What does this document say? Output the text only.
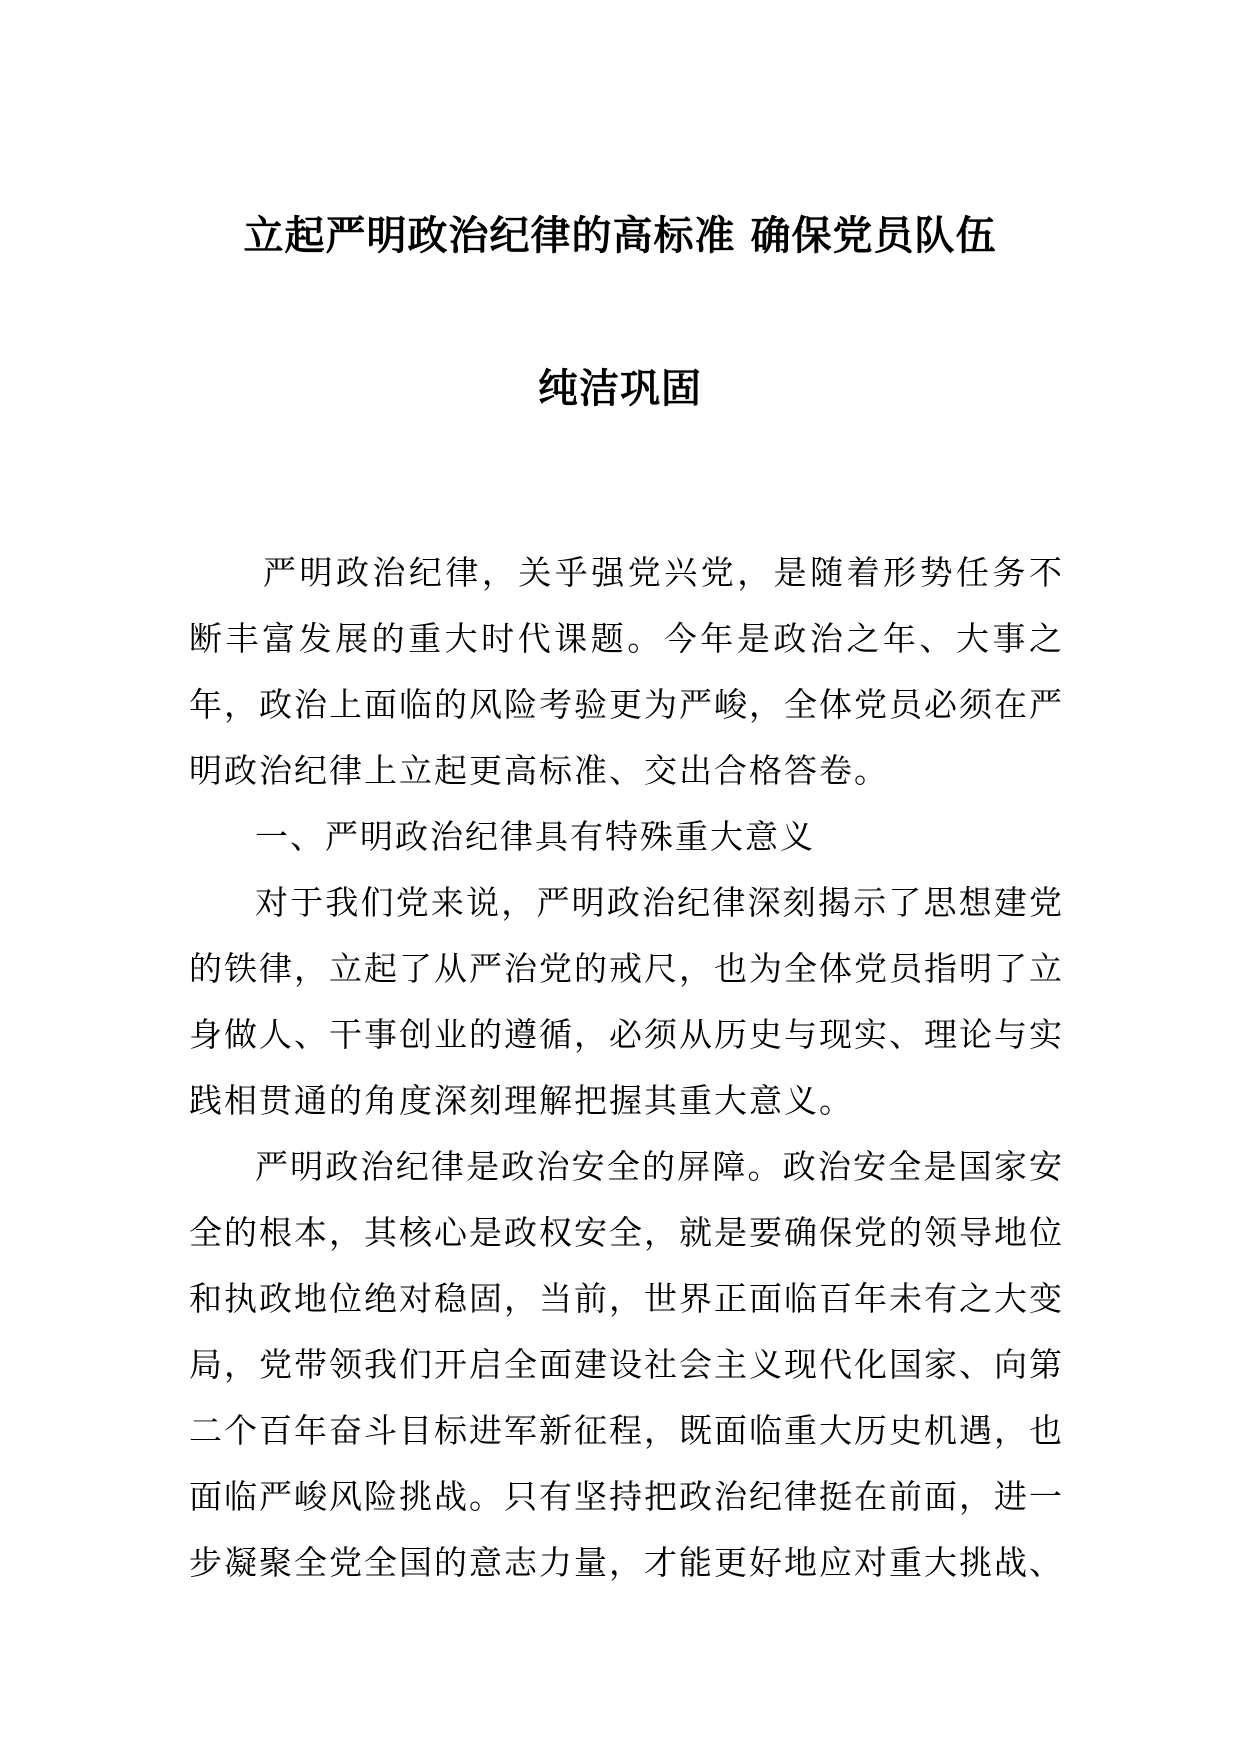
立起严明政治纪律的高标准 确保党员队伍
纯洁巩固

严明政治纪律，关乎强党兴党，是随着形势任务不断丰富发展的重大时代课题。今年是政治之年、大事之年，政治上面临的风险考验更为严峻，全体党员必须在严明政治纪律上立起更高标准、交出合格答卷。

一、严明政治纪律具有特殊重大意义

对于我们党来说，严明政治纪律深刻揭示了思想建党的铁律，立起了从严治党的戒尺，也为全体党员指明了立身做人、干事创业的遵循，必须从历史与现实、理论与实践相贯通的角度深刻理解把握其重大意义。

严明政治纪律是政治安全的屏障。政治安全是国家安全的根本，其核心是政权安全，就是要确保党的领导地位和执政地位绝对稳固，当前，世界正面临百年未有之大变局，党带领我们开启全面建设社会主义现代化国家、向第二个百年奋斗目标进军新征程，既面临重大历史机遇，也面临严峻风险挑战。只有坚持把政治纪律挺在前面，进一步凝聚全党全国的意志力量，才能更好地应对重大挑战、
